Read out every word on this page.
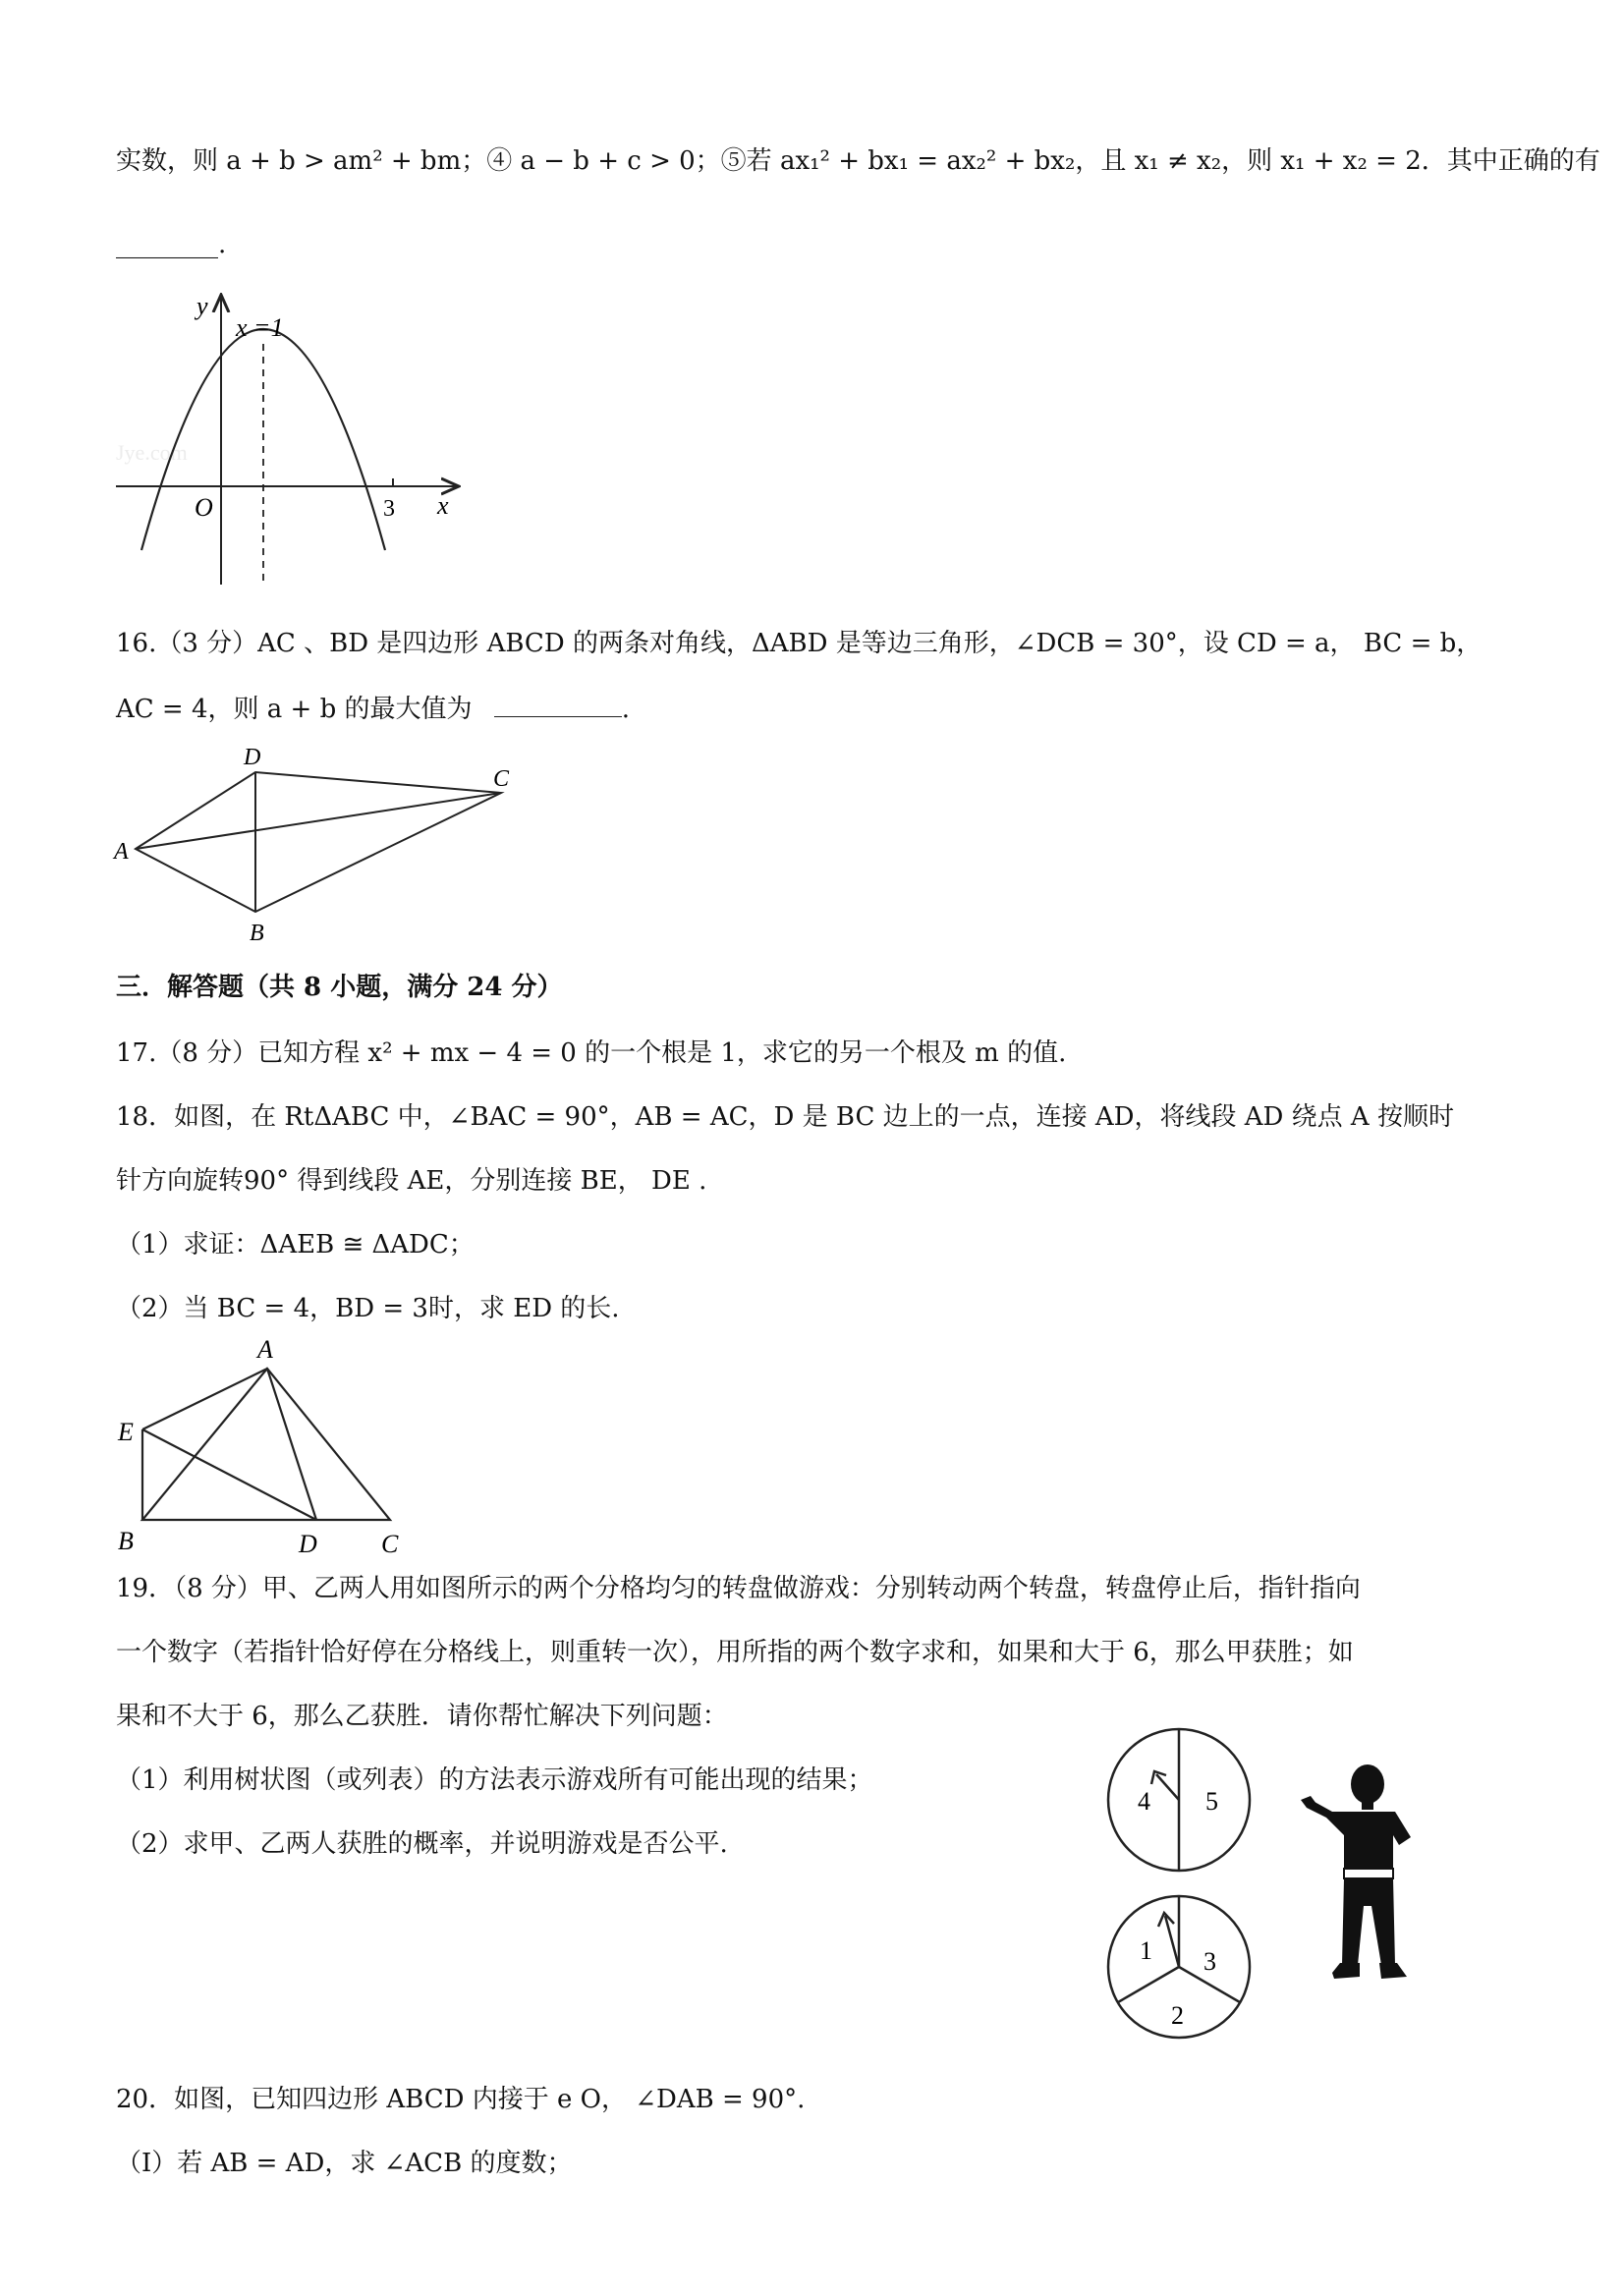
实数，则 a + b > am² + bm；④ a − b + c > 0；⑤若 ax₁² + bx₁ = ax₂² + bx₂，且 x₁ ≠ x₂，则 x₁ + x₂ = 2．其中正确的有
________.
Jye.com
y
x
O
x =1
3
16.（3 分）AC 、BD 是四边形 ABCD 的两条对角线，ΔABD 是等边三角形，∠DCB = 30°，设 CD = a， BC = b，
AC = 4，则 a + b 的最大值为	.
A
D
C
B
三．解答题（共 8 小题，满分 24 分）
17.（8 分）已知方程 x² + mx − 4 = 0 的一个根是 1，求它的另一个根及 m 的值.
18．如图，在 RtΔABC 中，∠BAC = 90°，AB = AC，D 是 BC 边上的一点，连接 AD，将线段 AD 绕点 A 按顺时
针方向旋转90° 得到线段 AE，分别连接 BE， DE .
（1）求证：ΔAEB ≅ ΔADC；
（2）当 BC = 4，BD = 3时，求 ED 的长.
A
E
B	D	C
19．（8 分）甲、乙两人用如图所示的两个分格均匀的转盘做游戏：分别转动两个转盘，转盘停止后，指针指向
一个数字（若指针恰好停在分格线上，则重转一次），用所指的两个数字求和，如果和大于 6，那么甲获胜；如
果和不大于 6，那么乙获胜．请你帮忙解决下列问题：
（1）利用树状图（或列表）的方法表示游戏所有可能出现的结果；
（2）求甲、乙两人获胜的概率，并说明游戏是否公平.
4 5
1 3
2
20．如图，已知四边形 ABCD 内接于 e O， ∠DAB = 90°.
（Ⅰ）若 AB = AD，求 ∠ACB 的度数；
